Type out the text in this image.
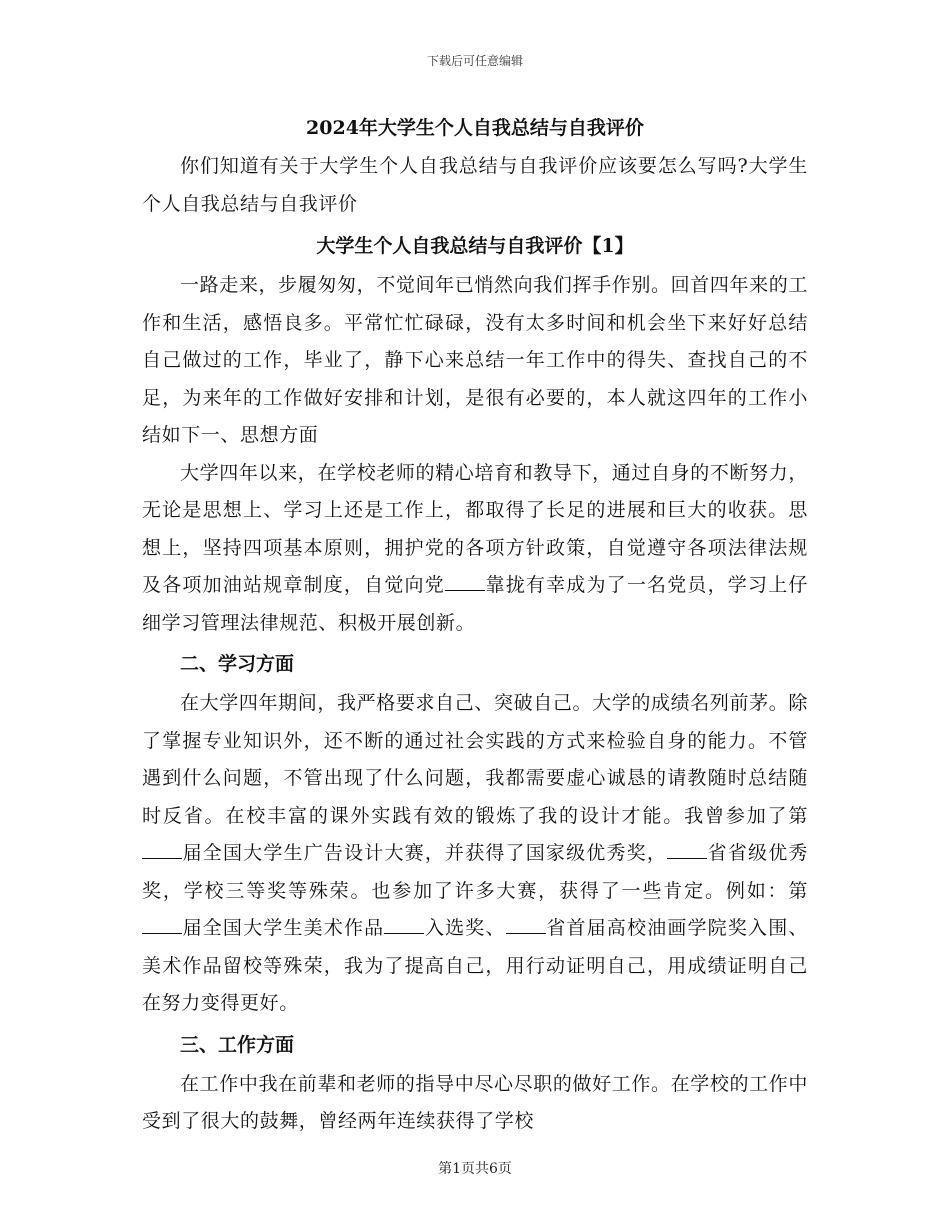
下载后可任意编辑
2024年大学生个人自我总结与自我评价

你们知道有关于大学生个人自我总结与自我评价应该要怎么写吗?大学生个人自我总结与自我评价

大学生个人自我总结与自我评价【1】

一路走来，步履匆匆，不觉间年已悄然向我们挥手作别。回首四年来的工作和生活，感悟良多。平常忙忙碌碌，没有太多时间和机会坐下来好好总结自己做过的工作，毕业了，静下心来总结一年工作中的得失、查找自己的不足，为来年的工作做好安排和计划，是很有必要的，本人就这四年的工作小结如下一、思想方面

大学四年以来，在学校老师的精心培育和教导下，通过自身的不断努力，无论是思想上、学习上还是工作上，都取得了长足的进展和巨大的收获。思想上，坚持四项基本原则，拥护党的各项方针政策，自觉遵守各项法律法规及各项加油站规章制度，自觉向党 靠拢有幸成为了一名党员，学习上仔细学习管理法律规范、积极开展创新。

二、学习方面

在大学四年期间，我严格要求自己、突破自己。大学的成绩名列前茅。除了掌握专业知识外，还不断的通过社会实践的方式来检验自身的能力。不管遇到什么问题，不管出现了什么问题，我都需要虚心诚恳的请教随时总结随时反省。在校丰富的课外实践有效的锻炼了我的设计才能。我曾参加了第届全国大学生广告设计大赛，并获得了国家级优秀奖， 省省级优秀奖，学校三等奖等殊荣。也参加了许多大赛，获得了一些肯定。例如：第届全国大学生美术作品 入选奖、 省首届高校油画学院奖入围、美术作品留校等殊荣，我为了提高自己，用行动证明自己，用成绩证明自己在努力变得更好。

三、工作方面

在工作中我在前辈和老师的指导中尽心尽职的做好工作。在学校的工作中受到了很大的鼓舞，曾经两年连续获得了学校

第1页共6页
